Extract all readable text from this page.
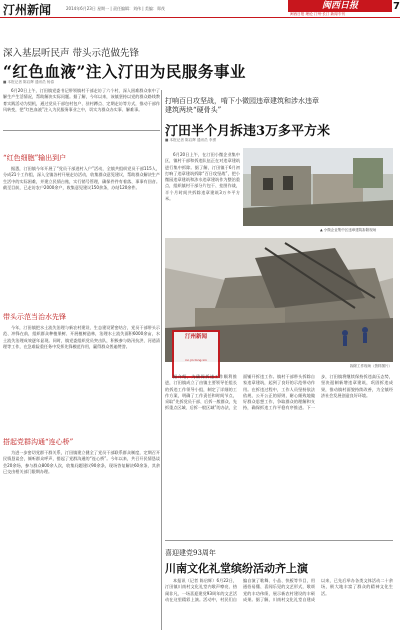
汀州新闻	2014年6月23日 星期一 | 责任编辑：刘伟 | 美编：郑茂	闽西日报
闽西日报 理论 汀州·长汀 新闻专刊
7
深入基层听民声 带头示范做先锋
“红色血液”注入汀田为民服务事业
■ 本报记者 陈启辉 通讯员 杨春
6月20日上午，汀田镇党委书记带领镇村干部走访了六个村，深入困难群众家中了解生产生活情况，帮助解决实际问题。据了解，今年以来，该镇坚持以党的群众路线教育实践活动为契机，通过党员干部包村包户、驻村蹲点、定期走访等方式，推动干部作风转变，把“红色血液”注入为民服务事业之中，切实为群众办实事、解难事。
“红色细胞”输出到户
据悉，汀田镇今年开展了“党员干部进村入户”活动，全镇共组织党员干部115人，分成21个工作组，深入全镇各村开展走访活动，收集群众意见建议，帮助群众解决生产生活中的实际困难，并建立民情台账，实行销号管理，确保件件有着落、事事有回音。截至目前，已走访农户2000余户，收集意见建议150余条，办结120余件。
带头示范当治水先锋
今年，汀田镇把水土流失治理与新农村建设、生态建设紧密结合，党员干部带头示范、冲锋在前，组织群众种植果树、开展植树造林，治理水土流失面积6000余亩，水土流失治理成效逐年显现。同时，镇党委组织党员突击队，积极参与防汛抗洪、河道清理等工作，在急难险重任务中发挥先锋模范作用，赢得群众普遍赞誉。
搭起党群沟通“连心桥”
为进一步密切党群干群关系，汀田镇建立健全了党员干部联系群众制度，定期召开民情恳谈会，倾听群众呼声，搭起了党群沟通的“连心桥”。今年以来，共召开民情恳谈会20余场，参与群众800余人次，收集问题建议90余条，现场答复解决60余条，其余已交由相关部门限期办理。
打响百日攻坚战，啃下小微园违章建筑和涉水违章
建筑两块“硬骨头”
汀田半个月拆违3万多平方米
■ 本报记者 陈启辉 通讯员 李勇
6月20日上午，在汀田小微企业集中区，镇村干部和拆违队伍正在对违章建筑进行集中拆除。据了解，汀田镇于6月初打响了违章建筑拆除“百日攻坚战”，把小微园违章建筑和涉水违章建筑作为整治重点，组织镇村干部分片包干、挂图作战，半个月时间共拆除违章建筑3万多平方米。
▲ 小微企业集中区违章建筑拆除现场
汀州新闻
rui·jin·tong·xin
拆除工作现场（资料图片）
据介绍，为确保拆违工作顺利推进，汀田镇成立了由镇主要领导任组长的拆违工作领导小组，制定了详细的工作方案，明确了工作责任和时间节点，采取“先拆党员干部、后拆一般群众，先拆重点区域、后拆一般区域”的办法，全面铺开拆违工作。镇村干部带头拆除自家违章建筑，起到了良好的示范带动作用。在拆违过程中，工作人员坚持依法依规、公开公正的原则，耐心细致地做好群众思想工作，争取群众的理解和支持，确保拆违工作平稳有序推进。下一步，汀田镇将继续保持拆违高压态势，坚决遏制新增违章建筑，巩固拆违成果，推动镇村面貌持续改善，为全镇经济社会发展创造良好环境。
喜迎建党93周年
川南文化礼堂缤纷活动齐上演
本报讯（记者 陈启辉）6月22日，汀田镇川南村文化礼堂内歌声嘹亮、热闹非凡，一场喜迎建党93周年的文艺活动在这里精彩上演。活动中，村民们自编自演了歌舞、小品、快板等节目，用通俗易懂、喜闻乐见的文艺形式，歌颂党的丰功伟绩，展示新农村建设的丰硕成果。据了解，川南村文化礼堂自建成以来，已先后举办各类文体活动二十余场，极大地丰富了群众的精神文化生活。
